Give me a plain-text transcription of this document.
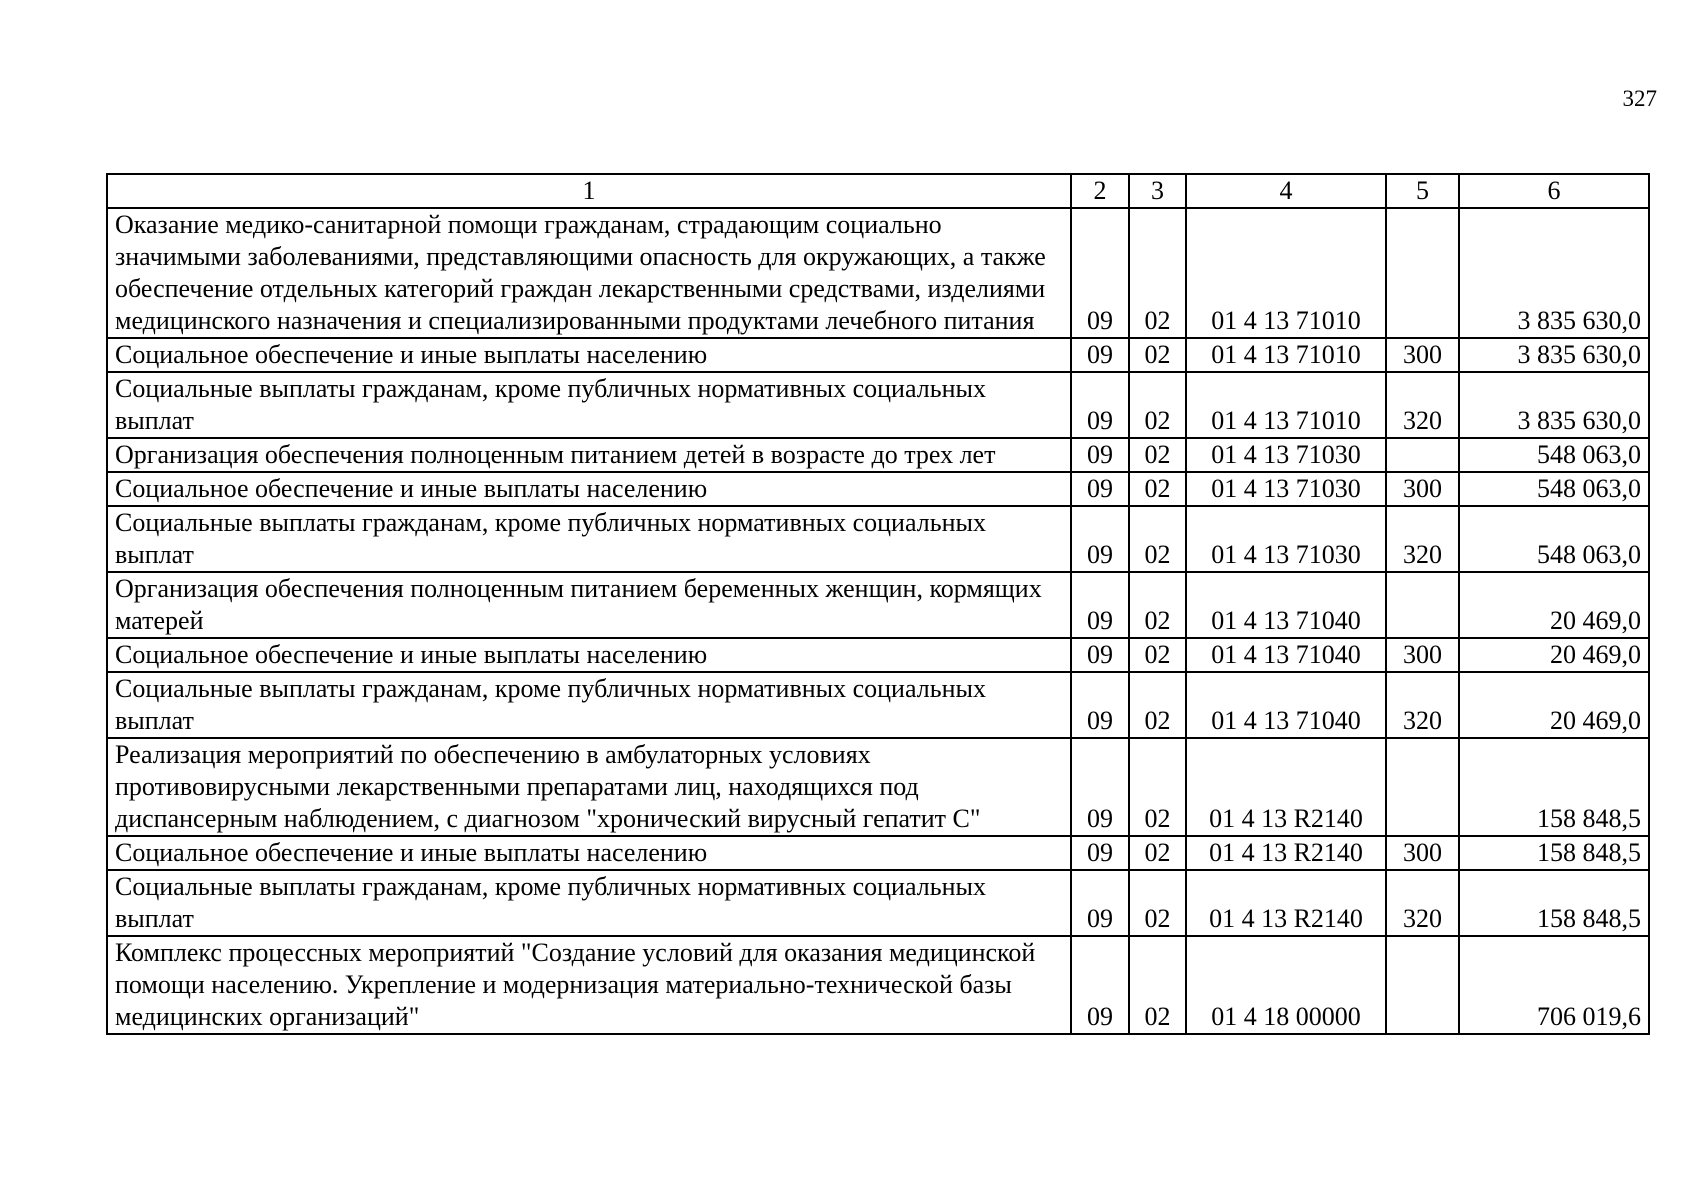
327
1	2	3	4	5	6
Оказание медико-санитарной помощи гражданам, страдающим социально значимыми заболеваниями, представляющими опасность для окружающих, а также обеспечение отдельных категорий граждан лекарственными средствами, изделиями медицинского назначения и специализированными продуктами лечебного питания	09	02	01 4 13 71010		3 835 630,0
Социальное обеспечение и иные выплаты населению	09	02	01 4 13 71010	300	3 835 630,0
Социальные выплаты гражданам, кроме публичных нормативных социальных выплат	09	02	01 4 13 71010	320	3 835 630,0
Организация обеспечения полноценным питанием детей в возрасте до трех лет	09	02	01 4 13 71030		548 063,0
Социальное обеспечение и иные выплаты населению	09	02	01 4 13 71030	300	548 063,0
Социальные выплаты гражданам, кроме публичных нормативных социальных выплат	09	02	01 4 13 71030	320	548 063,0
Организация обеспечения полноценным питанием беременных женщин, кормящих матерей	09	02	01 4 13 71040		20 469,0
Социальное обеспечение и иные выплаты населению	09	02	01 4 13 71040	300	20 469,0
Социальные выплаты гражданам, кроме публичных нормативных социальных выплат	09	02	01 4 13 71040	320	20 469,0
Реализация мероприятий по обеспечению в амбулаторных условиях противовирусными лекарственными препаратами лиц, находящихся под диспансерным наблюдением, с диагнозом "хронический вирусный гепатит С"	09	02	01 4 13 R2140		158 848,5
Социальное обеспечение и иные выплаты населению	09	02	01 4 13 R2140	300	158 848,5
Социальные выплаты гражданам, кроме публичных нормативных социальных выплат	09	02	01 4 13 R2140	320	158 848,5
Комплекс процессных мероприятий "Создание условий для оказания медицинской помощи населению. Укрепление и модернизация материально-технической базы медицинских организаций"	09	02	01 4 18 00000		706 019,6
